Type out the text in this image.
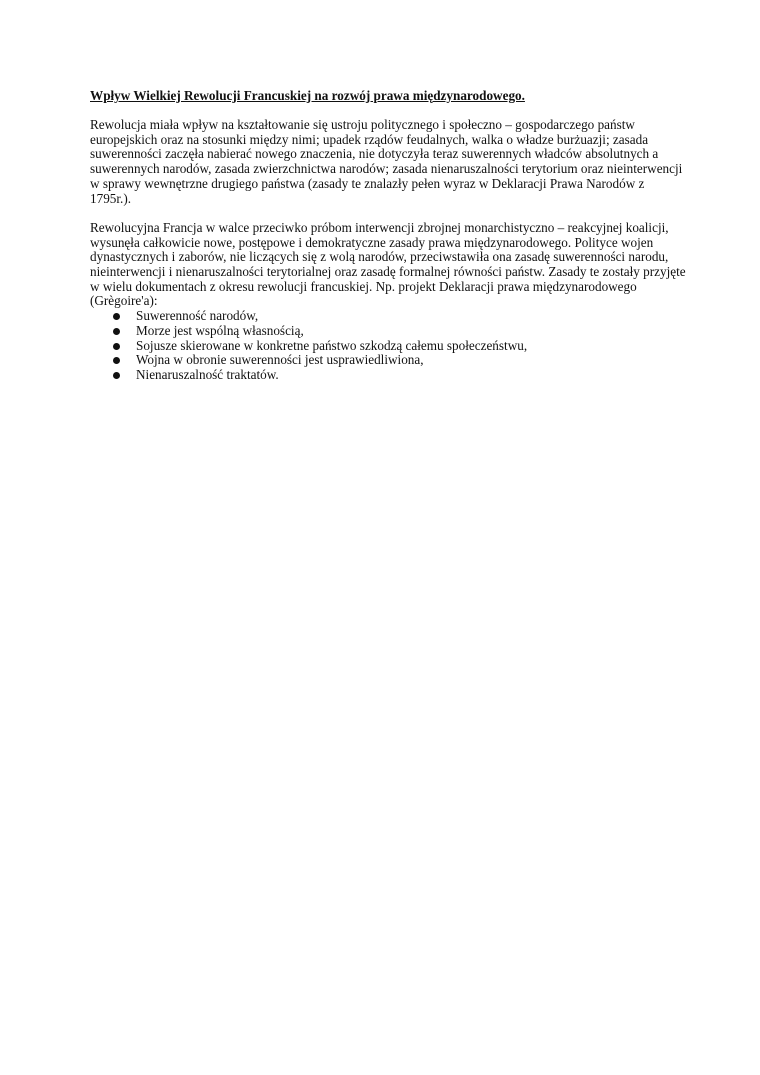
Wpływ Wielkiej Rewolucji Francuskiej na rozwój prawa międzynarodowego.

Rewolucja miała wpływ na kształtowanie się ustroju politycznego i społeczno – gospodarczego państw
europejskich oraz na stosunki między nimi; upadek rządów feudalnych, walka o władze burżuazji; zasada
suwerenności zaczęła nabierać nowego znaczenia, nie dotyczyła teraz suwerennych władców absolutnych a
suwerennych narodów, zasada zwierzchnictwa narodów; zasada nienaruszalności terytorium oraz nieinterwencji
w sprawy wewnętrzne drugiego państwa (zasady te znalazły pełen wyraz w Deklaracji Prawa Narodów z
1795r.).

Rewolucyjna Francja w walce przeciwko próbom interwencji zbrojnej monarchistyczno – reakcyjnej koalicji,
wysunęła całkowicie nowe, postępowe i demokratyczne zasady prawa międzynarodowego. Polityce wojen
dynastycznych i zaborów, nie liczących się z wolą narodów, przeciwstawiła ona zasadę suwerenności narodu,
nieinterwencji i nienaruszalności terytorialnej oraz zasadę formalnej równości państw. Zasady te zostały przyjęte
w wielu dokumentach z okresu rewolucji francuskiej. Np. projekt Deklaracji prawa międzynarodowego
(Grègoire'a):

Suwerenność narodów,
Morze jest wspólną własnością,
Sojusze skierowane w konkretne państwo szkodzą całemu społeczeństwu,
Wojna w obronie suwerenności jest usprawiedliwiona,
Nienaruszalność traktatów.
